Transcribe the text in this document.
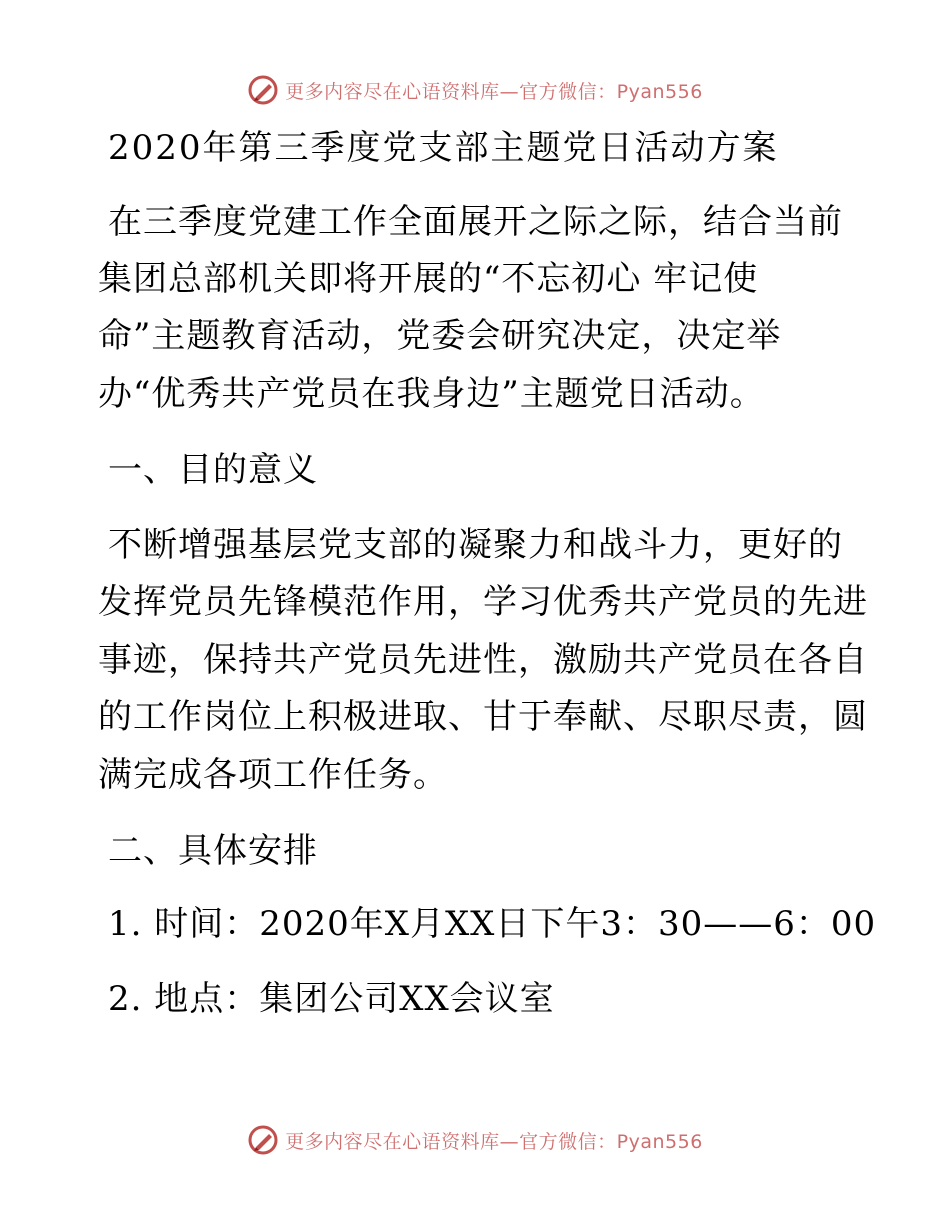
更多内容尽在心语资料库—官方微信：Pyan556
2020年第三季度党支部主题党日活动方案
在三季度党建工作全面展开之际之际，结合当前
集团总部机关即将开展的“不忘初心 牢记使
命”主题教育活动，党委会研究决定，决定举
办“优秀共产党员在我身边”主题党日活动。
一、目的意义
不断增强基层党支部的凝聚力和战斗力，更好的
发挥党员先锋模范作用，学习优秀共产党员的先进
事迹，保持共产党员先进性，激励共产党员在各自
的工作岗位上积极进取、甘于奉献、尽职尽责，圆
满完成各项工作任务。
二、具体安排
1. 时间：2020年X月XX日下午3：30——6：00
2. 地点：集团公司XX会议室
更多内容尽在心语资料库—官方微信：Pyan556
